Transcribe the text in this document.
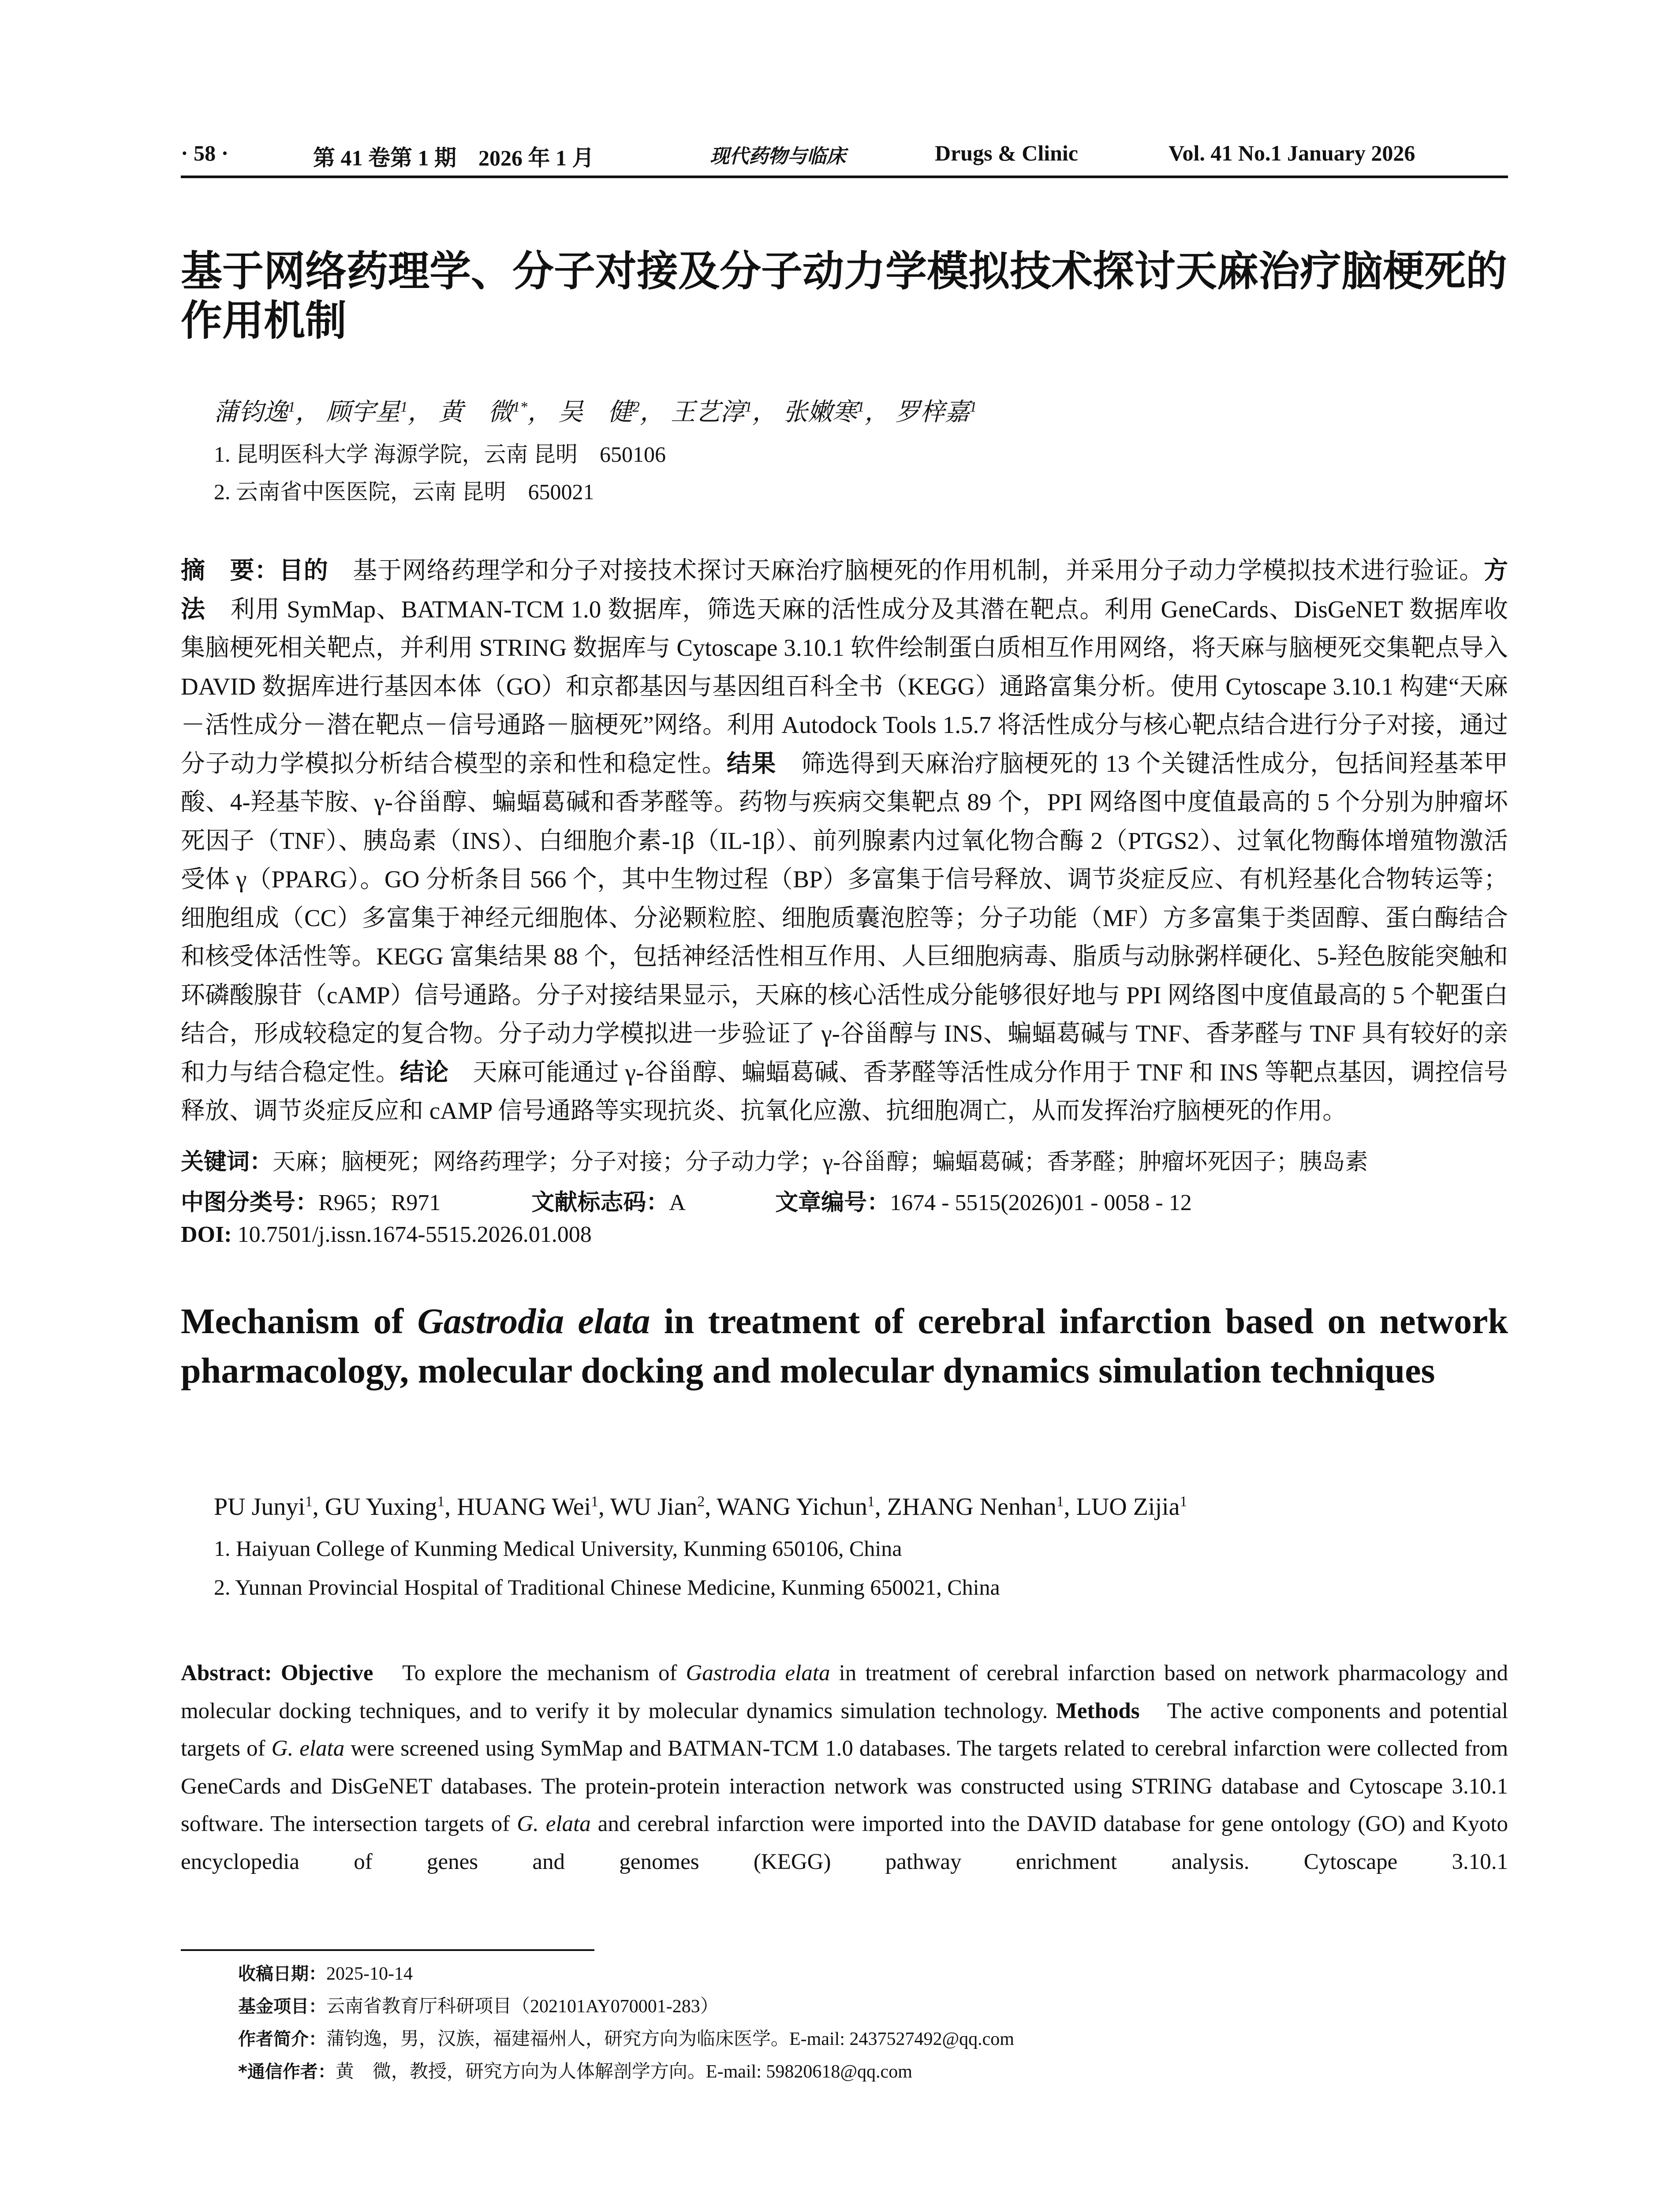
· 58 ·	第 41 卷第 1 期　2026 年 1 月	现代药物与临床	Drugs & Clinic	Vol. 41 No.1 January 2026
基于网络药理学、分子对接及分子动力学模拟技术探讨天麻治疗脑梗死的作用机制
蒲钧逸$^1$， 顾宇星$^1$， 黄　微$^{1*}$， 吴　健$^2$， 王艺淳$^1$， 张嫩寒$^1$， 罗梓嘉$^1$
1. 昆明医科大学 海源学院，云南 昆明　650106
2. 云南省中医医院，云南 昆明　650021
摘　要：目的　基于网络药理学和分子对接技术探讨天麻治疗脑梗死的作用机制，并采用分子动力学模拟技术进行验证。方法　利用 SymMap、BATMAN-TCM 1.0 数据库，筛选天麻的活性成分及其潜在靶点。利用 GeneCards、DisGeNET 数据库收集脑梗死相关靶点，并利用 STRING 数据库与 Cytoscape 3.10.1 软件绘制蛋白质相互作用网络，将天麻与脑梗死交集靶点导入 DAVID 数据库进行基因本体（GO）和京都基因与基因组百科全书（KEGG）通路富集分析。使用 Cytoscape 3.10.1 构建“天麻－活性成分－潜在靶点－信号通路－脑梗死”网络。利用 Autodock Tools 1.5.7 将活性成分与核心靶点结合进行分子对接，通过分子动力学模拟分析结合模型的亲和性和稳定性。结果　筛选得到天麻治疗脑梗死的 13 个关键活性成分，包括间羟基苯甲酸、4-羟基苄胺、γ-谷甾醇、蝙蝠葛碱和香茅醛等。药物与疾病交集靶点 89 个，PPI 网络图中度值最高的 5 个分别为肿瘤坏死因子（TNF）、胰岛素（INS）、白细胞介素-1β（IL-1β）、前列腺素内过氧化物合酶 2（PTGS2）、过氧化物酶体增殖物激活受体 γ（PPARG）。GO 分析条目 566 个，其中生物过程（BP）多富集于信号释放、调节炎症反应、有机羟基化合物转运等；细胞组成（CC）多富集于神经元细胞体、分泌颗粒腔、细胞质囊泡腔等；分子功能（MF）方多富集于类固醇、蛋白酶结合和核受体活性等。KEGG 富集结果 88 个，包括神经活性相互作用、人巨细胞病毒、脂质与动脉粥样硬化、5-羟色胺能突触和环磷酸腺苷（cAMP）信号通路。分子对接结果显示，天麻的核心活性成分能够很好地与 PPI 网络图中度值最高的 5 个靶蛋白结合，形成较稳定的复合物。分子动力学模拟进一步验证了 γ-谷甾醇与 INS、蝙蝠葛碱与 TNF、香茅醛与 TNF 具有较好的亲和力与结合稳定性。结论　天麻可能通过 γ-谷甾醇、蝙蝠葛碱、香茅醛等活性成分作用于 TNF 和 INS 等靶点基因，调控信号释放、调节炎症反应和 cAMP 信号通路等实现抗炎、抗氧化应激、抗细胞凋亡，从而发挥治疗脑梗死的作用。
关键词：天麻；脑梗死；网络药理学；分子对接；分子动力学；γ-谷甾醇；蝙蝠葛碱；香茅醛；肿瘤坏死因子；胰岛素
中图分类号：R965；R971	文献标志码：A	文章编号：1674 - 5515(2026)01 - 0058 - 12
DOI: 10.7501/j.issn.1674-5515.2026.01.008
Mechanism of Gastrodia elata in treatment of cerebral infarction based on network pharmacology, molecular docking and molecular dynamics simulation techniques
PU Junyi$^1$, GU Yuxing$^1$, HUANG Wei$^1$, WU Jian$^2$, WANG Yichun$^1$, ZHANG Nenhan$^1$, LUO Zijia$^1$
1. Haiyuan College of Kunming Medical University, Kunming 650106, China
2. Yunnan Provincial Hospital of Traditional Chinese Medicine, Kunming 650021, China
Abstract: Objective　To explore the mechanism of Gastrodia elata in treatment of cerebral infarction based on network pharmacology and molecular docking techniques, and to verify it by molecular dynamics simulation technology. Methods　The active components and potential targets of G. elata were screened using SymMap and BATMAN-TCM 1.0 databases. The targets related to cerebral infarction were collected from GeneCards and DisGeNET databases. The protein-protein interaction network was constructed using STRING database and Cytoscape 3.10.1 software. The intersection targets of G. elata and cerebral infarction were imported into the DAVID database for gene ontology (GO) and Kyoto encyclopedia of genes and genomes (KEGG) pathway enrichment analysis. Cytoscape 3.10.1
收稿日期：2025-10-14
基金项目：云南省教育厅科研项目（202101AY070001-283）
作者简介：蒲钧逸，男，汉族，福建福州人，研究方向为临床医学。E-mail: 2437527492@qq.com
*通信作者：黄　微，教授，研究方向为人体解剖学方向。E-mail: 59820618@qq.com
